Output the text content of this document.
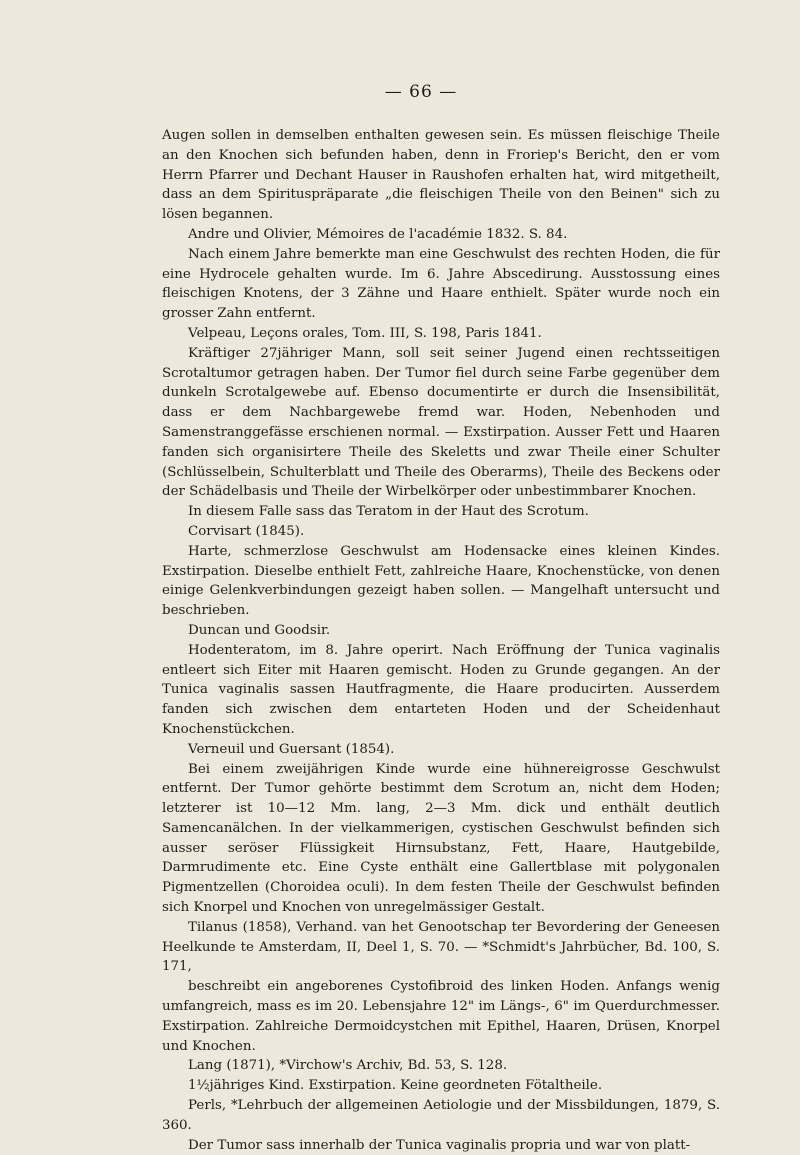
— 66 —

Augen sollen in demselben enthalten gewesen sein. Es müssen fleischige Theile an den Knochen sich befunden haben, denn in Froriep's Bericht, den er vom Herrn Pfarrer und Dechant Hauser in Raushofen erhalten hat, wird mitgetheilt, dass an dem Spirituspräparate „die fleischigen Theile von den Beinen" sich zu lösen begannen.

Andre und Olivier, Mémoires de l'académie 1832. S. 84.

Nach einem Jahre bemerkte man eine Geschwulst des rechten Hoden, die für eine Hydrocele gehalten wurde. Im 6. Jahre Abscedirung. Ausstossung eines fleischigen Knotens, der 3 Zähne und Haare enthielt. Später wurde noch ein grosser Zahn entfernt.

Velpeau, Leçons orales, Tom. III, S. 198, Paris 1841.

Kräftiger 27jähriger Mann, soll seit seiner Jugend einen rechtsseitigen Scrotaltumor getragen haben. Der Tumor fiel durch seine Farbe gegenüber dem dunkeln Scrotalgewebe auf. Ebenso documentirte er durch die Insensibilität, dass er dem Nachbargewebe fremd war. Hoden, Nebenhoden und Samenstranggefässe erschienen normal. — Exstirpation. Ausser Fett und Haaren fanden sich organisirtere Theile des Skeletts und zwar Theile einer Schulter (Schlüsselbein, Schulterblatt und Theile des Oberarms), Theile des Beckens oder der Schädelbasis und Theile der Wirbelkörper oder unbestimmbarer Knochen.

In diesem Falle sass das Teratom in der Haut des Scrotum.

Corvisart (1845).

Harte, schmerzlose Geschwulst am Hodensacke eines kleinen Kindes. Exstirpation. Dieselbe enthielt Fett, zahlreiche Haare, Knochenstücke, von denen einige Gelenkverbindungen gezeigt haben sollen. — Mangelhaft untersucht und beschrieben.

Duncan und Goodsir.

Hodenteratom, im 8. Jahre operirt. Nach Eröffnung der Tunica vaginalis entleert sich Eiter mit Haaren gemischt. Hoden zu Grunde gegangen. An der Tunica vaginalis sassen Hautfragmente, die Haare producirten. Ausserdem fanden sich zwischen dem entarteten Hoden und der Scheidenhaut Knochenstückchen.

Verneuil und Guersant (1854).

Bei einem zweijährigen Kinde wurde eine hühnereigrosse Geschwulst entfernt. Der Tumor gehörte bestimmt dem Scrotum an, nicht dem Hoden; letzterer ist 10—12 Mm. lang, 2—3 Mm. dick und enthält deutlich Samencanälchen. In der vielkammerigen, cystischen Geschwulst befinden sich ausser seröser Flüssigkeit Hirnsubstanz, Fett, Haare, Hautgebilde, Darmrudimente etc. Eine Cyste enthält eine Gallertblase mit polygonalen Pigmentzellen (Choroidea oculi). In dem festen Theile der Geschwulst befinden sich Knorpel und Knochen von unregelmässiger Gestalt.

Tilanus (1858), Verhand. van het Genootschap ter Bevordering der Geneesen Heelkunde te Amsterdam, II, Deel 1, S. 70. — *Schmidt's Jahrbücher, Bd. 100, S. 171,

beschreibt ein angeborenes Cystofibroid des linken Hoden. Anfangs wenig umfangreich, mass es im 20. Lebensjahre 12" im Längs-, 6" im Querdurchmesser. Exstirpation. Zahlreiche Dermoidcystchen mit Epithel, Haaren, Drüsen, Knorpel und Knochen.

Lang (1871), *Virchow's Archiv, Bd. 53, S. 128.

1½jähriges Kind. Exstirpation. Keine geordneten Fötaltheile.

Perls, *Lehrbuch der allgemeinen Aetiologie und der Missbildungen, 1879, S. 360.

Der Tumor sass innerhalb der Tunica vaginalis propria und war von platt-
